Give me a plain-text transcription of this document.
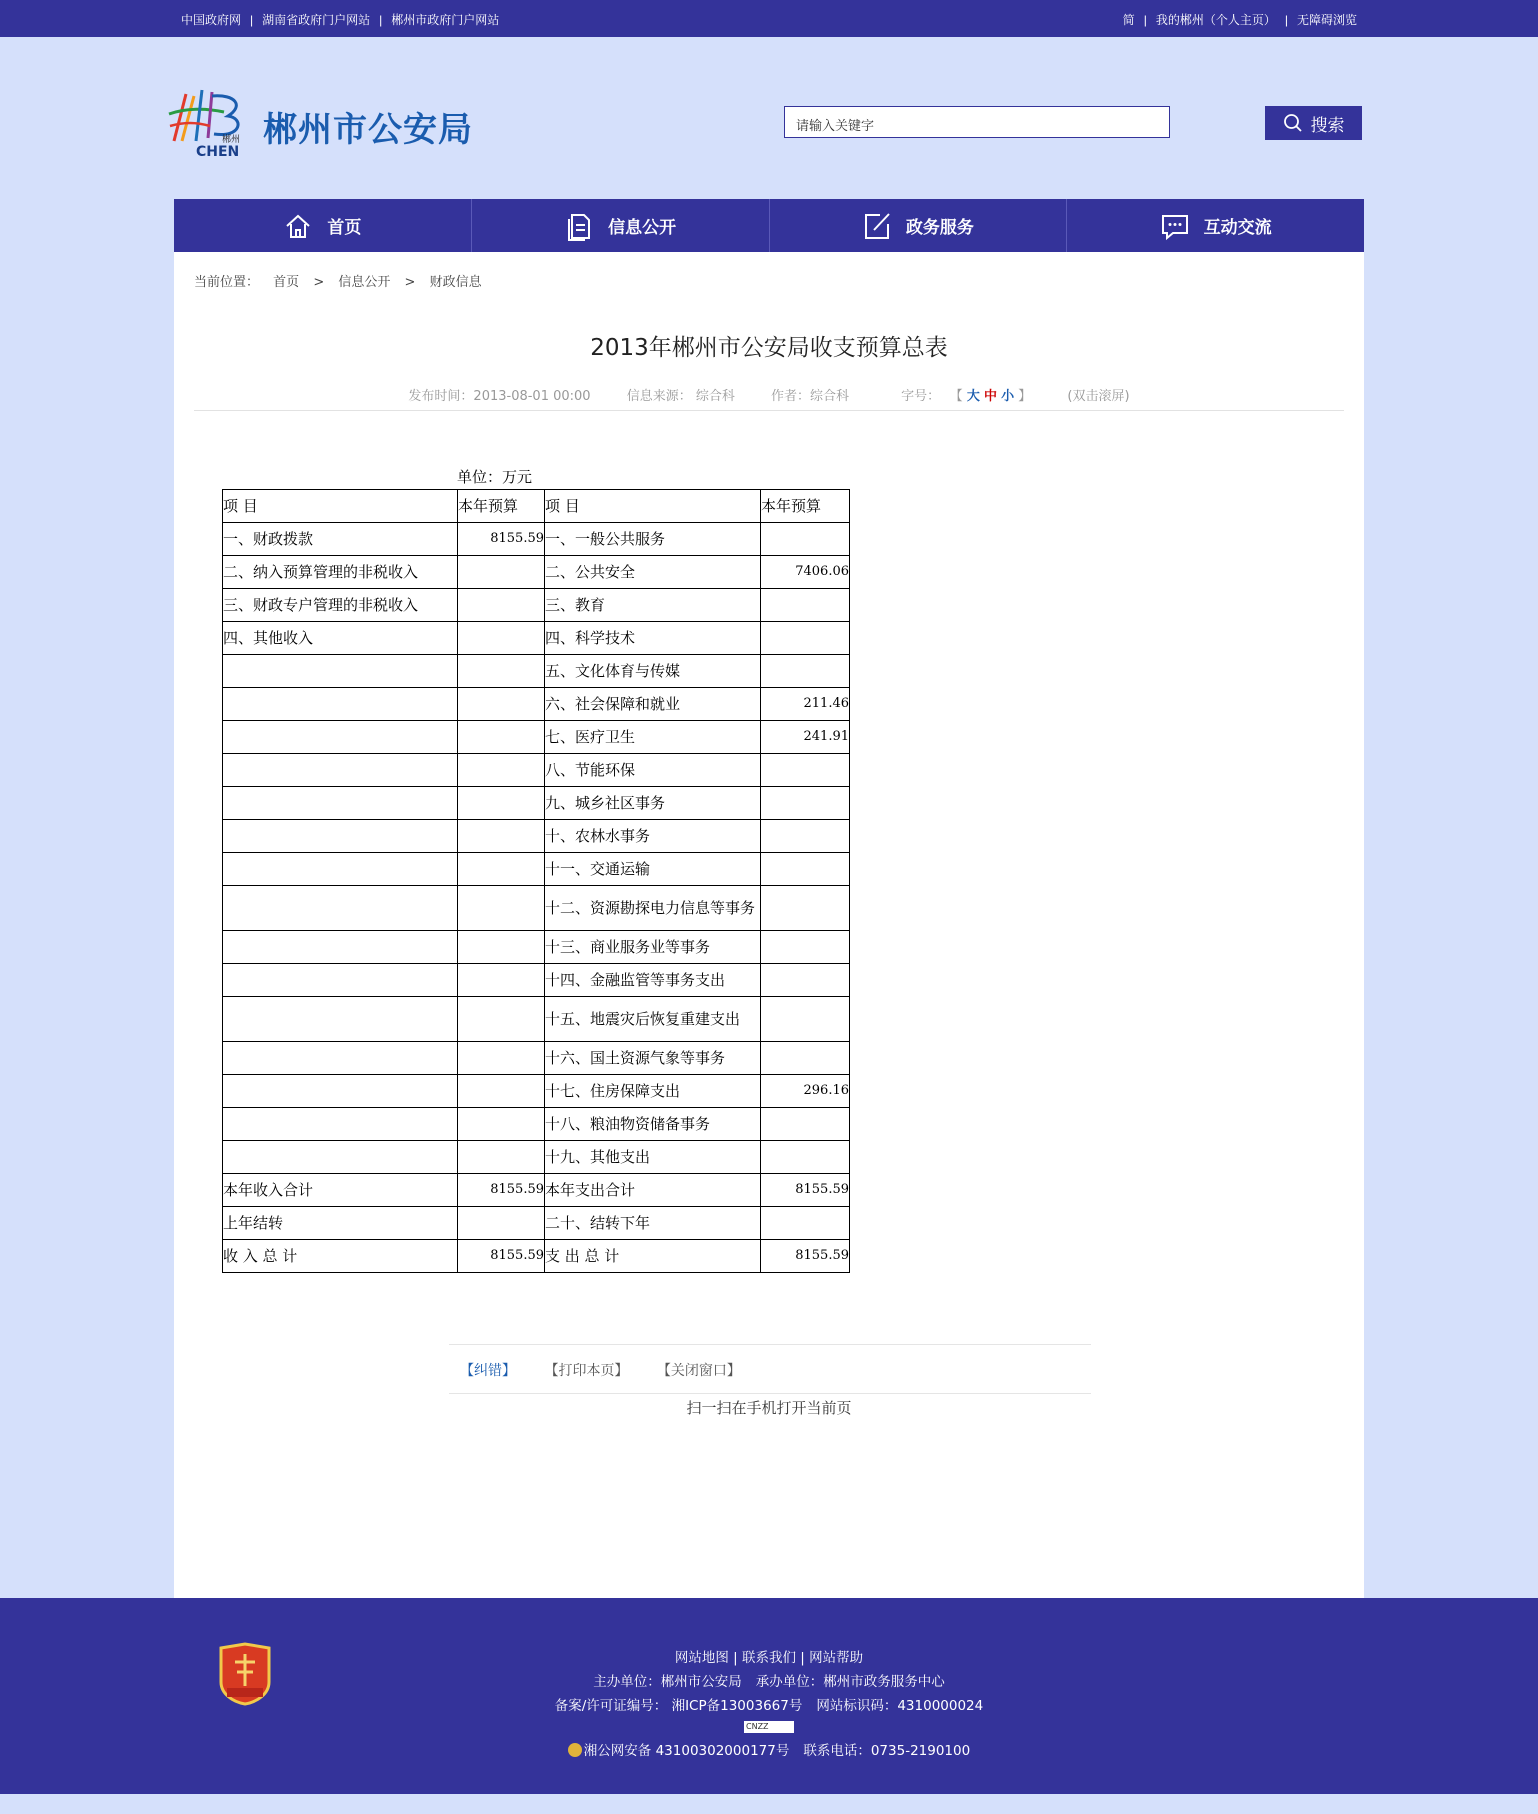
中国政府网 | 湖南省政府门户网站 | 郴州市政府门户网站	简 | 我的郴州（个人主页） | 无障碍浏览
郴州
CHEN
郴州市公安局	请输入关键字	搜索
首页	信息公开	政务服务	互动交流
当前位置： 首页 > 信息公开 > 财政信息
2013年郴州市公安局收支预算总表
发布时间：2013-08-01 00:00	信息来源： 综合科	作者：综合科	字号： 【 大 中 小 】	(双击滚屏)
单位：万元
项 目	本年预算	项 目	本年预算
一、财政拨款	8155.59	一、一般公共服务	
二、纳入预算管理的非税收入		二、公共安全	7406.06
三、财政专户管理的非税收入		三、教育	
四、其他收入		四、科学技术	
		五、文化体育与传媒	
		六、社会保障和就业	211.46
		七、医疗卫生	241.91
		八、节能环保	
		九、城乡社区事务	
		十、农林水事务	
		十一、交通运输	
		十二、资源勘探电力信息等事务	
		十三、商业服务业等事务	
		十四、金融监管等事务支出	
		十五、地震灾后恢复重建支出	
		十六、国土资源气象等事务	
		十七、住房保障支出	296.16
		十八、粮油物资储备事务	
		十九、其他支出	
本年收入合计	8155.59	本年支出合计	8155.59
上年结转		二十、结转下年	
收 入 总 计	8155.59	支 出 总 计	8155.59
【纠错】 【打印本页】 【关闭窗口】
扫一扫在手机打开当前页
网站地图 | 联系我们 | 网站帮助
主办单位：郴州市公安局 承办单位：郴州市政务服务中心
备案/许可证编号： 湘ICP备13003667号 网站标识码：4310000024
CNZZ
湘公网安备 43100302000177号 联系电话：0735-2190100
